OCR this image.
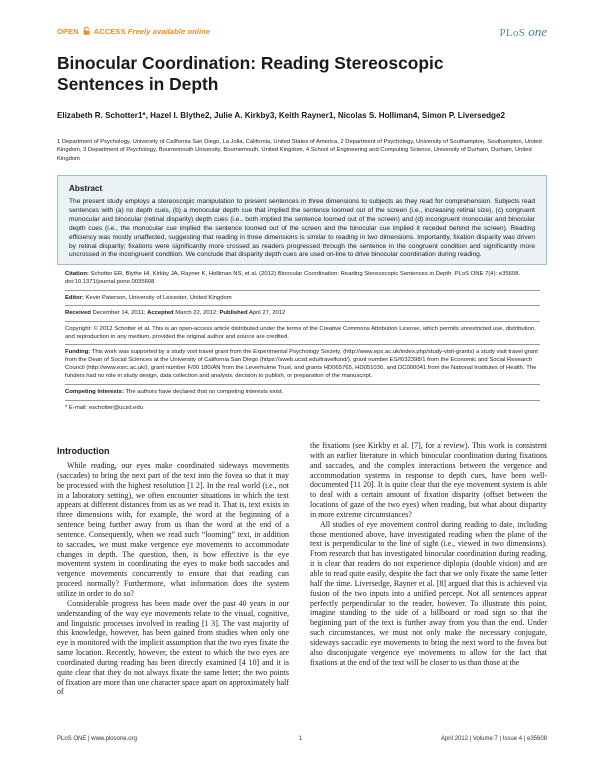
OPEN ACCESS Freely available online	PLoS one
Binocular Coordination: Reading Stereoscopic Sentences in Depth
Elizabeth R. Schotter1*, Hazel I. Blythe2, Julie A. Kirkby3, Keith Rayner1, Nicolas S. Holliman4, Simon P. Liversedge2
1 Department of Psychology, University of California San Diego, La Jolla, California, United States of America, 2 Department of Psychology, University of Southampton, Southampton, United Kingdom, 3 Department of Psychology, Bournemouth University, Bournemouth, United Kingdom, 4 School of Engineering and Computing Science, University of Durham, Durham, United Kingdom
Abstract

The present study employs a stereoscopic manipulation to present sentences in three dimensions to subjects as they read for comprehension. Subjects read sentences with (a) no depth cues, (b) a monocular depth cue that implied the sentence loomed out of the screen (i.e., increasing retinal size), (c) congruent monocular and binocular (retinal disparity) depth cues (i.e., both implied the sentence loomed out of the screen) and (d) incongruent monocular and binocular depth cues (i.e., the monocular cue implied the sentence loomed out of the screen and the binocular cue implied it receded behind the screen). Reading efficiency was mostly unaffected, suggesting that reading in three dimensions is similar to reading in two dimensions. Importantly, fixation disparity was driven by retinal disparity; fixations were significantly more crossed as readers progressed through the sentence in the congruent condition and significantly more uncrossed in the incongruent condition. We conclude that disparity depth cues are used on-line to drive binocular coordination during reading.

Citation: Schotter ER, Blythe HI, Kirkby JA, Rayner K, Holliman NS, et al. (2012) Binocular Coordination: Reading Stereoscopic Sentences in Depth. PLoS ONE 7(4): e35608. doi:10.1371/journal.pone.0035608

Editor: Kevin Paterson, University of Leicester, United Kingdom

Received December 14, 2011; Accepted March 22, 2012; Published April 27, 2012

Copyright: © 2012 Schotter et al. This is an open-access article distributed under the terms of the Creative Commons Attribution License, which permits unrestricted use, distribution, and reproduction in any medium, provided the original author and source are credited.

Funding: This work was supported by a study visit travel grant from the Experimental Psychology Society, (http://www.eps.ac.uk/index.php/study-visit-grants) a study visit travel grant from the Dean of Social Sciences at the University of California San Diego (https://sweb.ucsd.edu/travelfund/), grant number ES/I032398/1 from the Economic and Social Research Council (http://www.esrc.ac.uk/), grant number F/00 180/AN from the Leverhulme Trust, and grants HD065765, HD051030, and DC000041 from the National Institutes of Health. The funders had no role in study design, data collection and analysis, decision to publish, or preparation of the manuscript.

Competing Interests: The authors have declared that no competing interests exist.

* E-mail: eschotter@ucsd.edu

Introduction

While reading, our eyes make coordinated sideways movements (saccades) to bring the next part of the text into the fovea so that it may be processed with the highest resolution [1 2]. In the real world (i.e., not in a laboratory setting), we often encounter situations in which the text appears at different distances from us as we read it. That is, text exists in three dimensions with, for example, the word at the beginning of a sentence being further away from us than the word at the end of a sentence. Consequently, when we read such “looming” text, in addition to saccades, we must make vergence eye movements to accommodate changes in depth. The question, then, is how effective is the eye movement system in coordinating the eyes to make both saccades and vergence movements concurrently to ensure that that reading can proceed normally? Furthermore, what information does the system utilize in order to do so?

Considerable progress has been made over the past 40 years in our understanding of the way eye movements relate to the visual, cognitive, and linguistic processes involved in reading [1 3]. The vast majority of this knowledge, however, has been gained from studies when only one eye is monitored with the implicit assumption that the two eyes fixate the same location. Recently, however, the extent to which the two eyes are coordinated during reading has been directly examined [4 10] and it is quite clear that they do not always fixate the same letter; the two points of fixation are more than one character space apart on approximately half of

the fixations (see Kirkby et al. [7], for a review). This work is consistent with an earlier literature in which binocular coordination during fixations and saccades, and the complex interactions between the vergence and accommodation systems in response to depth cues, have been well-documented [11 20]. It is quite clear that the eye movement system is able to deal with a certain amount of fixation disparity (offset between the locations of gaze of the two eyes) when reading, but what about disparity in more extreme circumstances?

All studies of eye movement control during reading to date, including those mentioned above, have investigated reading when the plane of the text is perpendicular to the line of sight (i.e., viewed in two dimensions). From research that has investigated binocular coordination during reading, it is clear that readers do not experience diplopia (double vision) and are able to read quite easily, despite the fact that we only fixate the same letter half the time. Liversedge, Rayner et al. [8] argued that this is achieved via fusion of the two inputs into a unified percept. Not all sentences appear perfectly perpendicular to the reader, however. To illustrate this point, imagine standing to the side of a billboard or road sign so that the beginning part of the text is further away from you than the end. Under such circumstances, we must not only make the necessary conjugate, sideways saccadic eye movements to bring the next word to the fovea but also disconjugate vergence eye movements to allow for the fact that fixations at the end of the text will be closer to us than those at the

PLoS ONE | www.plosone.org	1	April 2012 | Volume 7 | Issue 4 | e35608
